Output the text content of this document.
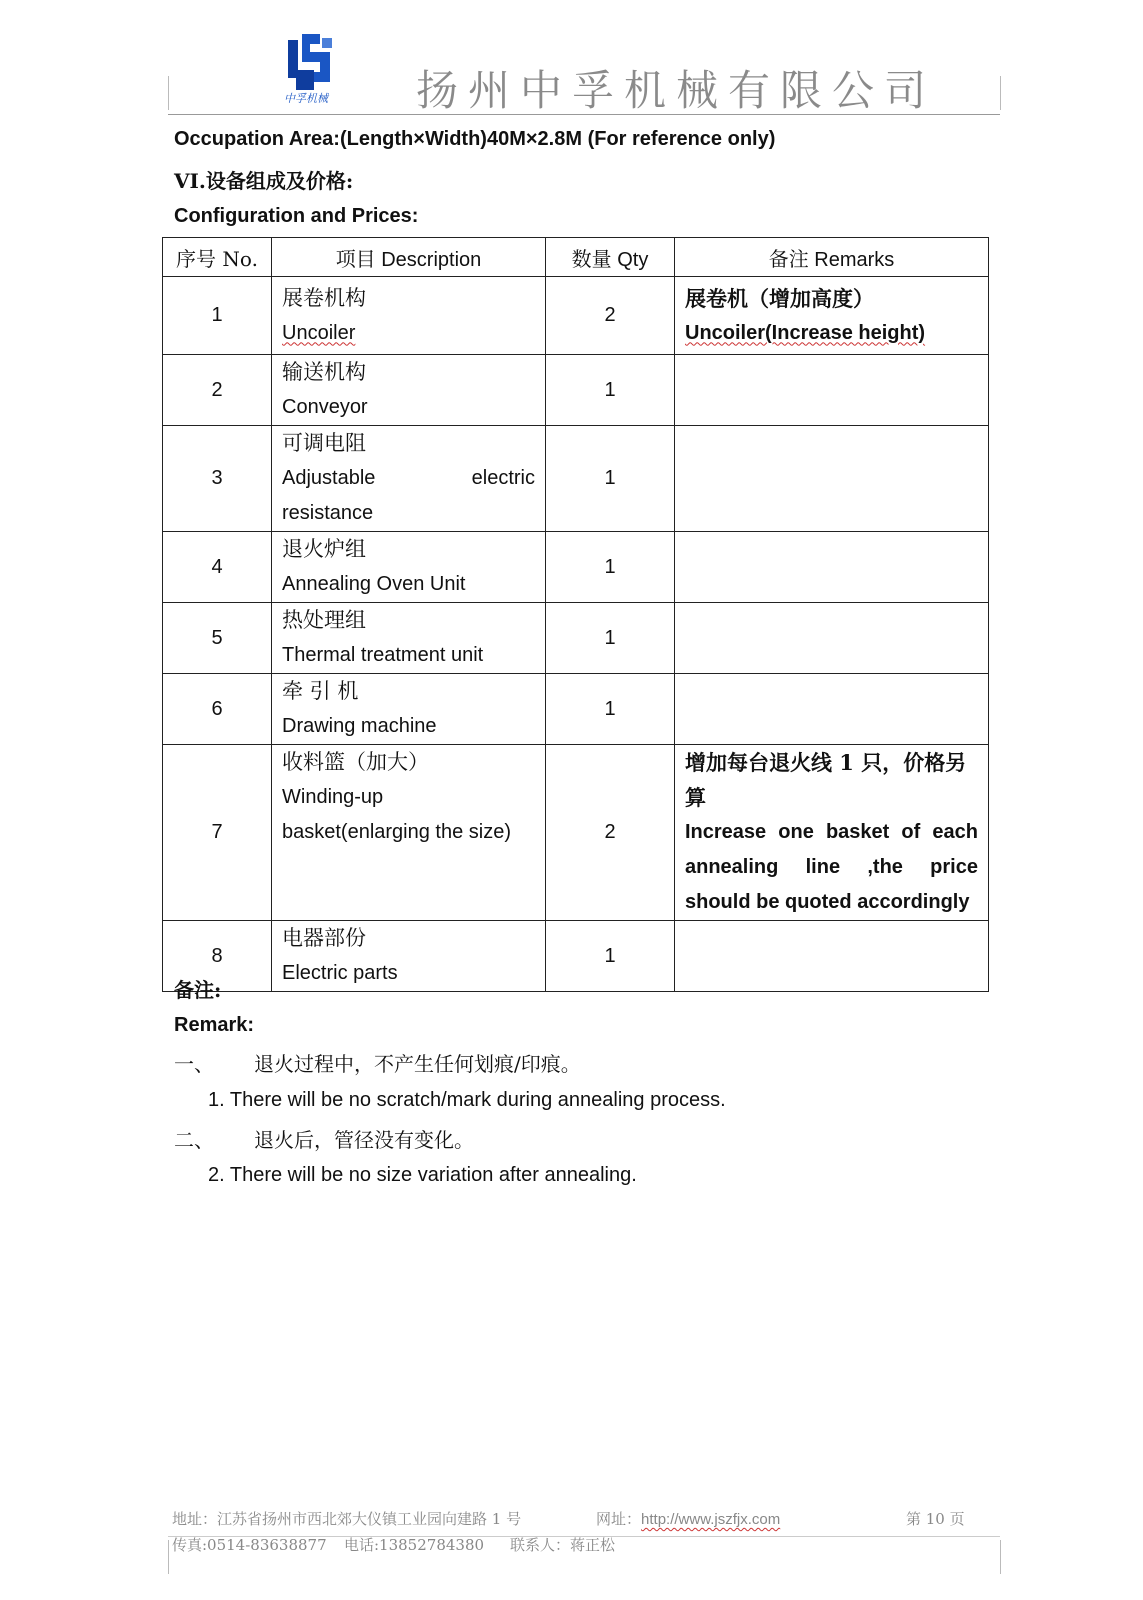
中孚机械 扬州中孚机械有限公司
Occupation Area:(Length×Width)40M×2.8M (For reference only)
VI.设备组成及价格:
Configuration and Prices:
序号 No.	项目 Description	数量 Qty	备注 Remarks
1	展卷机构
Uncoiler	2	展卷机（增加高度）
Uncoiler(Increase height)

2	输送机构
Conveyor	1	
3	可调电阻
Adjustable electric
resistance	1	
4	退火炉组
Annealing Oven Unit	1	
5	热处理组
Thermal treatment unit	1	
6	牵 引 机
Drawing machine	1	
7	收料篮（加大）
Winding-up
basket(enlarging the size)	2	增加每台退火线 1 只，价格另
算
Increase one basket of each
annealing line ,the price
should be quoted accordingly

8	电器部份
Electric parts	1	
备注:
Remark:
一、 退火过程中，不产生任何划痕/印痕。
1. There will be no scratch/mark during annealing process.
二、 退火后，管径没有变化。
2. There will be no size variation after annealing.
地址：江苏省扬州市西北郊大仪镇工业园向建路 1 号	网址：http://www.jszfjx.com	第 10 页
传真:0514-83638877 电话:13852784380 联系人：蒋正松
